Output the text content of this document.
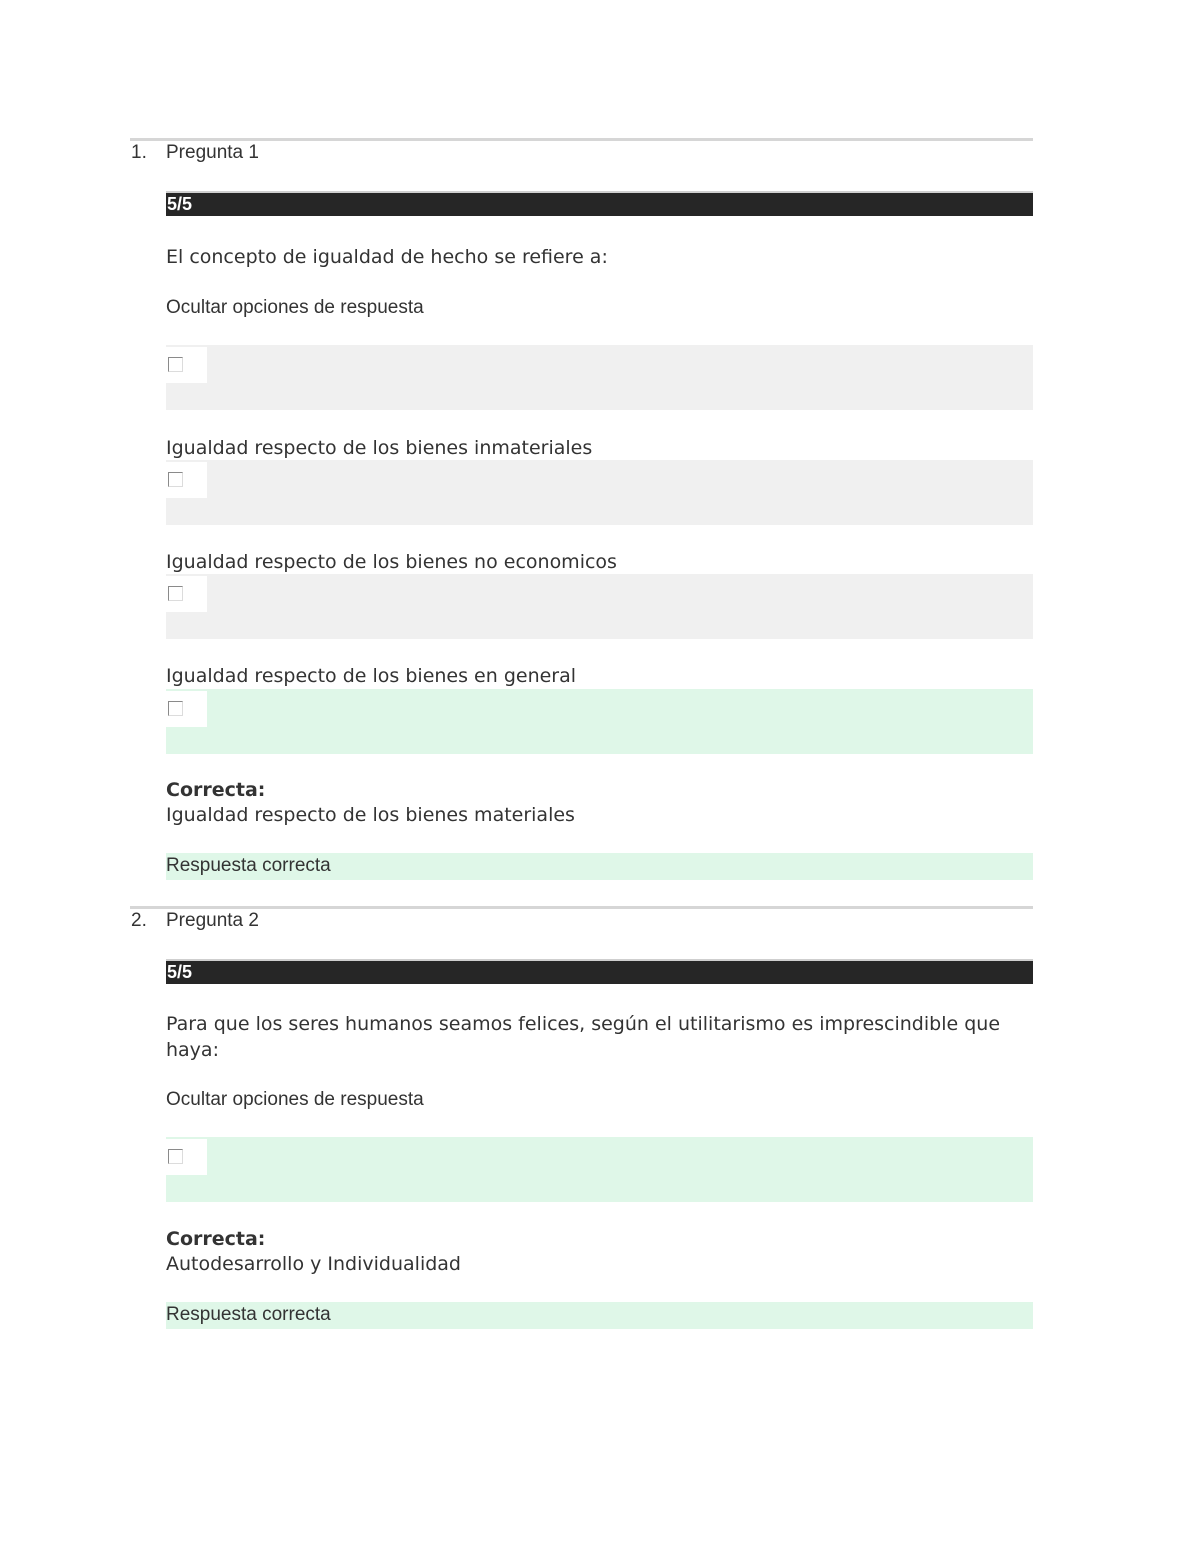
1. Pregunta 1
5/5
El concepto de igualdad de hecho se refiere a:
Ocultar opciones de respuesta
Igualdad respecto de los bienes inmateriales
Igualdad respecto de los bienes no economicos
Igualdad respecto de los bienes en general
Correcta:
Igualdad respecto de los bienes materiales
Respuesta correcta
2. Pregunta 2
5/5
Para que los seres humanos seamos felices, según el utilitarismo es imprescindible que haya:
Ocultar opciones de respuesta
Correcta:
Autodesarrollo y Individualidad
Respuesta correcta
